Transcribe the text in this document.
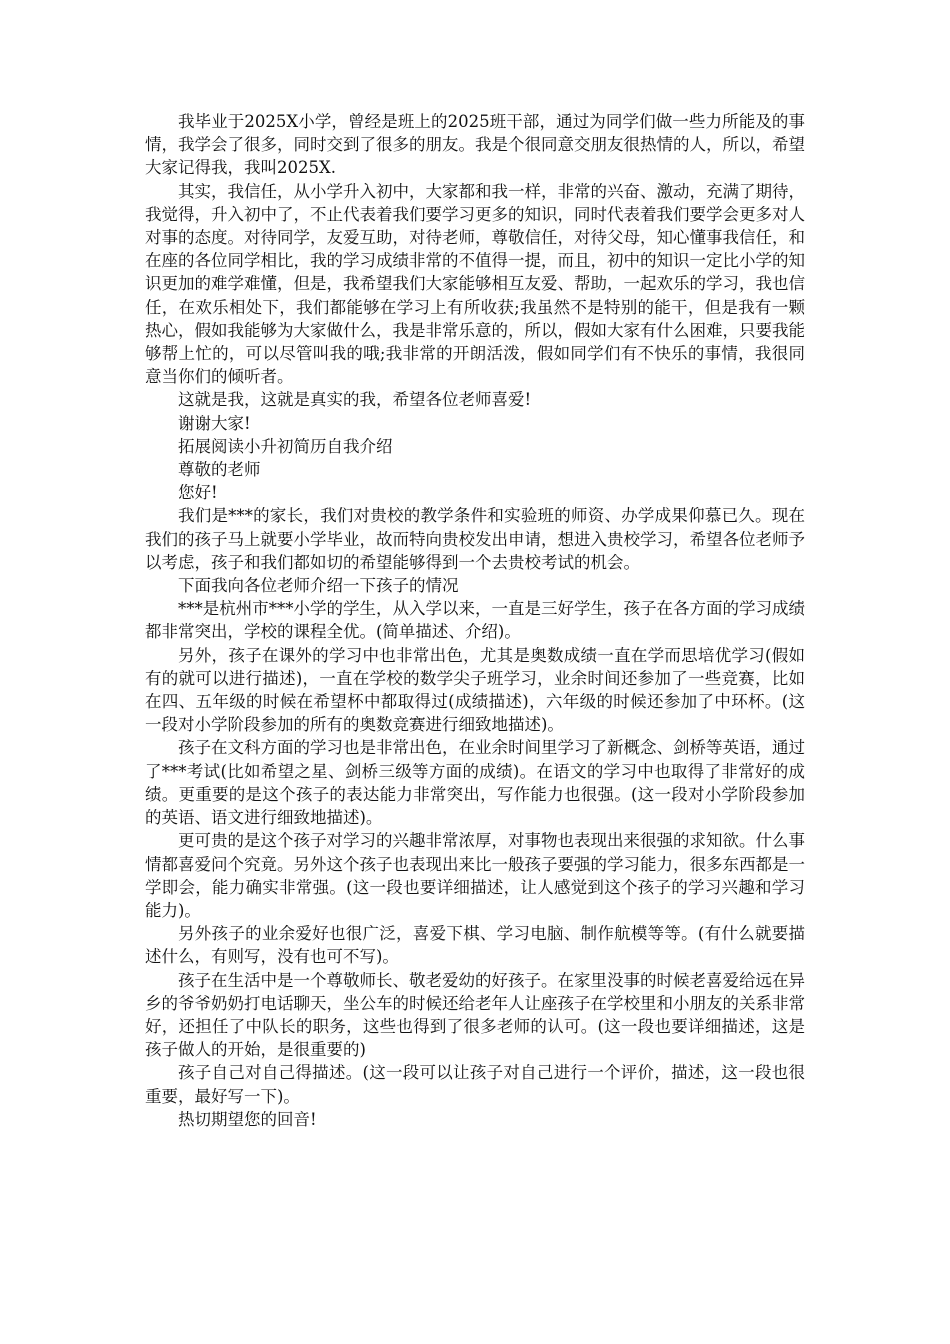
我毕业于2025X小学，曾经是班上的2025班干部，通过为同学们做一些力所能及的事情，我学会了很多，同时交到了很多的朋友。我是个很同意交朋友很热情的人，所以，希望大家记得我，我叫2025X.

其实，我信任，从小学升入初中，大家都和我一样，非常的兴奋、激动，充满了期待，我觉得，升入初中了，不止代表着我们要学习更多的知识，同时代表着我们要学会更多对人对事的态度。对待同学，友爱互助，对待老师，尊敬信任，对待父母，知心懂事我信任，和在座的各位同学相比，我的学习成绩非常的不值得一提，而且，初中的知识一定比小学的知识更加的难学难懂，但是，我希望我们大家能够相互友爱、帮助，一起欢乐的学习，我也信任，在欢乐相处下，我们都能够在学习上有所收获;我虽然不是特别的能干，但是我有一颗热心，假如我能够为大家做什么，我是非常乐意的，所以，假如大家有什么困难，只要我能够帮上忙的，可以尽管叫我的哦;我非常的开朗活泼，假如同学们有不快乐的事情，我很同意当你们的倾听者。

这就是我，这就是真实的我，希望各位老师喜爱!

谢谢大家!

拓展阅读小升初简历自我介绍

尊敬的老师

您好!

我们是***的家长，我们对贵校的教学条件和实验班的师资、办学成果仰慕已久。现在我们的孩子马上就要小学毕业，故而特向贵校发出申请，想进入贵校学习，希望各位老师予以考虑，孩子和我们都如切的希望能够得到一个去贵校考试的机会。

下面我向各位老师介绍一下孩子的情况

***是杭州市***小学的学生，从入学以来，一直是三好学生，孩子在各方面的学习成绩都非常突出，学校的课程全优。(简单描述、介绍)。

另外，孩子在课外的学习中也非常出色，尤其是奥数成绩一直在学而思培优学习(假如有的就可以进行描述)，一直在学校的数学尖子班学习，业余时间还参加了一些竞赛，比如在四、五年级的时候在希望杯中都取得过(成绩描述)，六年级的时候还参加了中环杯。(这一段对小学阶段参加的所有的奥数竞赛进行细致地描述)。

孩子在文科方面的学习也是非常出色，在业余时间里学习了新概念、剑桥等英语，通过了***考试(比如希望之星、剑桥三级等方面的成绩)。在语文的学习中也取得了非常好的成绩。更重要的是这个孩子的表达能力非常突出，写作能力也很强。(这一段对小学阶段参加的英语、语文进行细致地描述)。

更可贵的是这个孩子对学习的兴趣非常浓厚，对事物也表现出来很强的求知欲。什么事情都喜爱问个究竟。另外这个孩子也表现出来比一般孩子要强的学习能力，很多东西都是一学即会，能力确实非常强。(这一段也要详细描述，让人感觉到这个孩子的学习兴趣和学习能力)。

另外孩子的业余爱好也很广泛，喜爱下棋、学习电脑、制作航模等等。(有什么就要描述什么，有则写，没有也可不写)。

孩子在生活中是一个尊敬师长、敬老爱幼的好孩子。在家里没事的时候老喜爱给远在异乡的爷爷奶奶打电话聊天，坐公车的时候还给老年人让座孩子在学校里和小朋友的关系非常好，还担任了中队长的职务，这些也得到了很多老师的认可。(这一段也要详细描述，这是孩子做人的开始，是很重要的)

孩子自己对自己得描述。(这一段可以让孩子对自己进行一个评价，描述，这一段也很重要，最好写一下)。

热切期望您的回音!
